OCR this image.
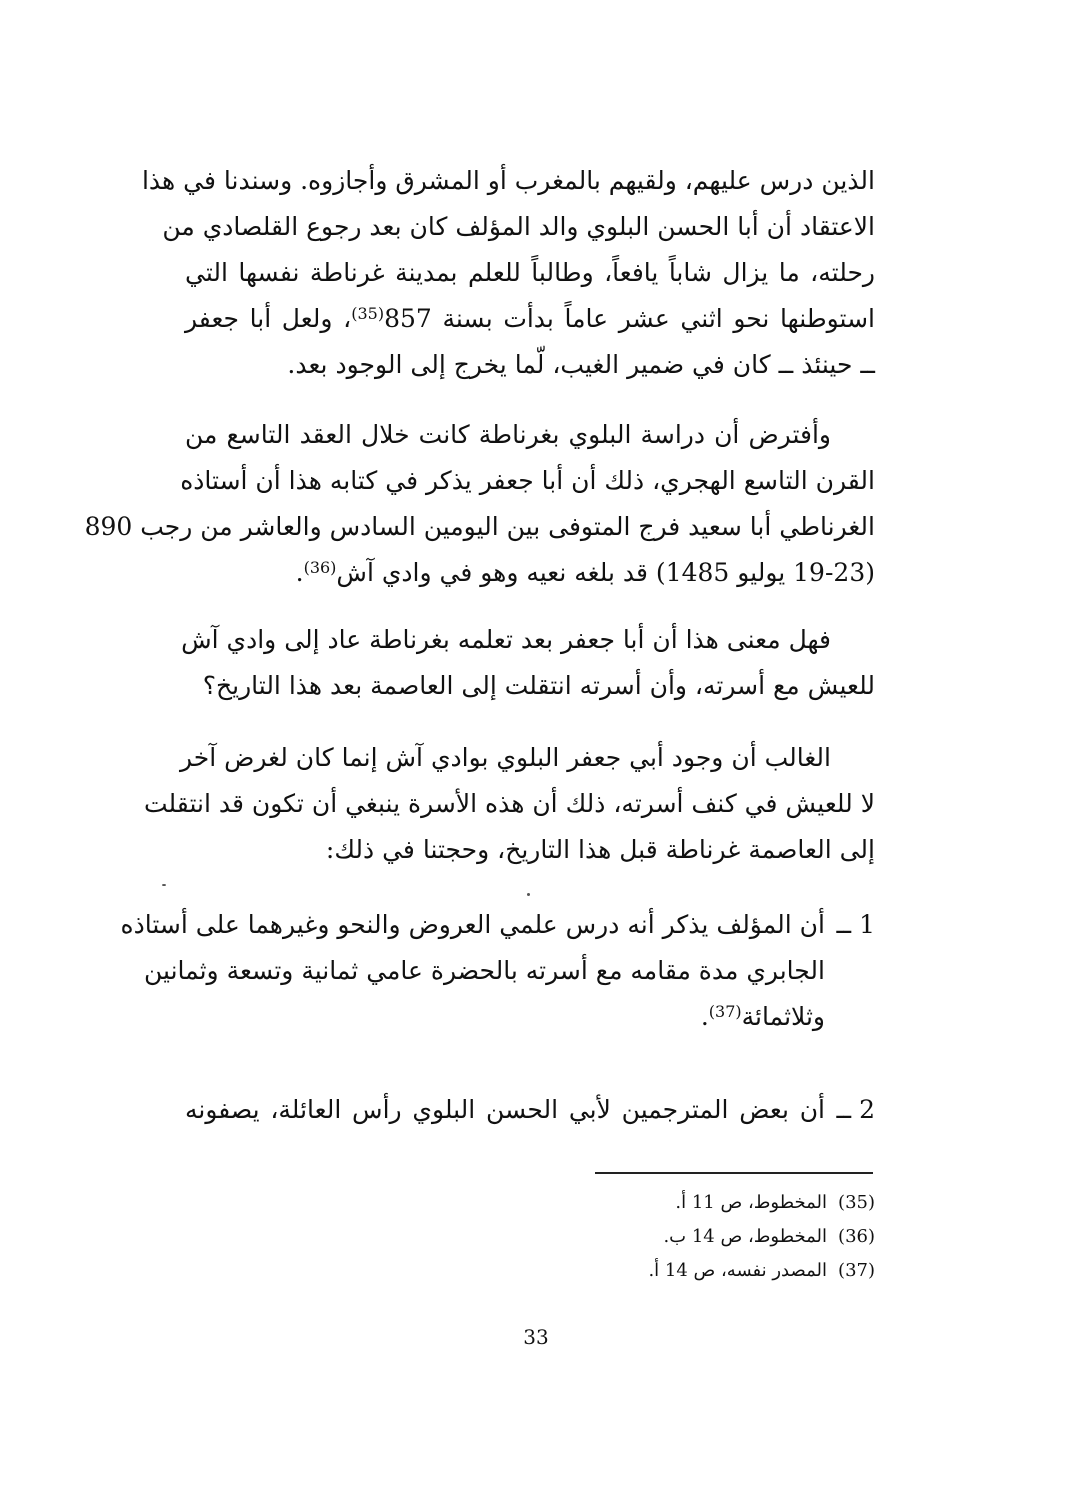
الذين درس عليهم، ولقيهم بالمغرب أو المشرق وأجازوه. وسندنا في هذا
الاعتقاد أن أبا الحسن البلوي والد المؤلف كان بعد رجوع القلصادي من
رحلته، ما يزال شاباً يافعاً، وطالباً للعلم بمدينة غرناطة نفسها التي
استوطنها نحو اثني عشر عاماً بدأت بسنة 857$^{(35)}$، ولعل أبا جعفر
ــ حينئذ ــ كان في ضمير الغيب، لّما يخرج إلى الوجود بعد.
وأفترض أن دراسة البلوي بغرناطة كانت خلال العقد التاسع من
القرن التاسع الهجري، ذلك أن أبا جعفر يذكر في كتابه هذا أن أستاذه
الغرناطي أبا سعيد فرج المتوفى بين اليومين السادس والعاشر من رجب 890
(19-23 يوليو 1485) قد بلغه نعيه وهو في وادي آش$^{(36)}$.
فهل معنى هذا أن أبا جعفر بعد تعلمه بغرناطة عاد إلى وادي آش
للعيش مع أسرته، وأن أسرته انتقلت إلى العاصمة بعد هذا التاريخ؟
الغالب أن وجود أبي جعفر البلوي بوادي آش إنما كان لغرض آخر
لا للعيش في كنف أسرته، ذلك أن هذه الأسرة ينبغي أن تكون قد انتقلت
إلى العاصمة غرناطة قبل هذا التاريخ، وحجتنا في ذلك:
1 ــ
أن المؤلف يذكر أنه درس علمي العروض والنحو وغيرهما على أستاذه
الجابري مدة مقامه مع أسرته بالحضرة عامي ثمانية وتسعة وثمانين
وثلاثمائة$^{(37)}$.
2 ــ
أن بعض المترجمين لأبي الحسن البلوي رأس العائلة، يصفونه
(35)المخطوط، ص 11 أ.
(36)المخطوط، ص 14 ب.
(37)المصدر نفسه، ص 14 أ.
33
